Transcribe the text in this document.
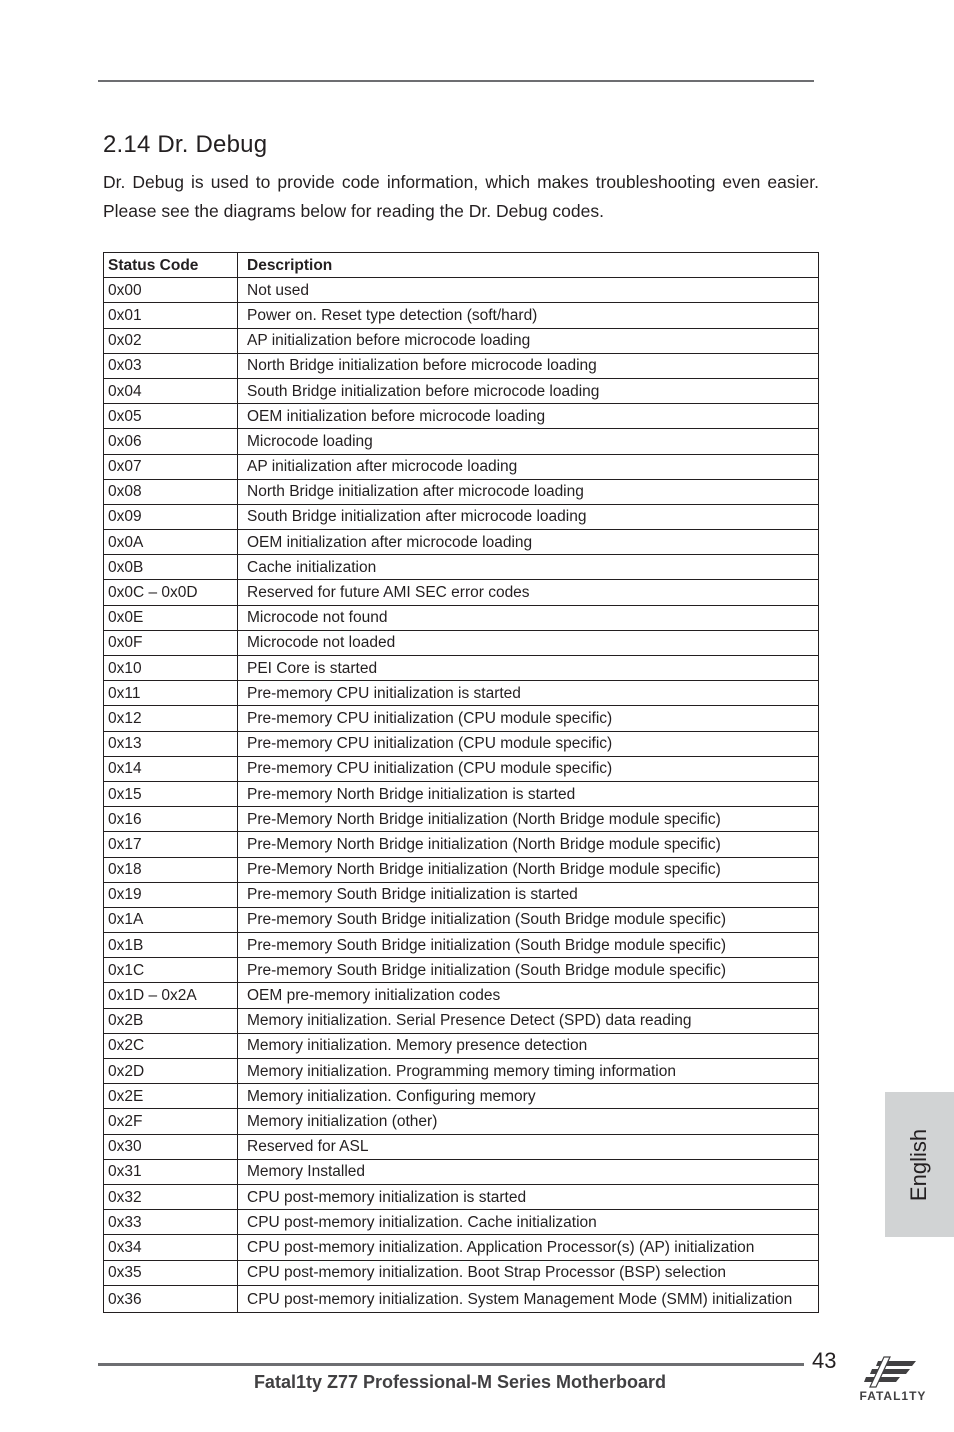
2.14 Dr. Debug

Dr. Debug is used to provide code information, which makes troubleshooting even easier. Please see the diagrams below for reading the Dr. Debug codes.

Status Code	Description
0x00	Not used
0x01	Power on. Reset type detection (soft/hard)
0x02	AP initialization before microcode loading
0x03	North Bridge initialization before microcode loading
0x04	South Bridge initialization before microcode loading
0x05	OEM initialization before microcode loading
0x06	Microcode loading
0x07	AP initialization after microcode loading
0x08	North Bridge initialization after microcode loading
0x09	South Bridge initialization after microcode loading
0x0A	OEM initialization after microcode loading
0x0B	Cache initialization
0x0C – 0x0D	Reserved for future AMI SEC error codes
0x0E	Microcode not found
0x0F	Microcode not loaded
0x10	PEI Core is started
0x11	Pre-memory CPU initialization is started
0x12	Pre-memory CPU initialization (CPU module specific)
0x13	Pre-memory CPU initialization (CPU module specific)
0x14	Pre-memory CPU initialization (CPU module specific)
0x15	Pre-memory North Bridge initialization is started
0x16	Pre-Memory North Bridge initialization (North Bridge module specific)
0x17	Pre-Memory North Bridge initialization (North Bridge module specific)
0x18	Pre-Memory North Bridge initialization (North Bridge module specific)
0x19	Pre-memory South Bridge initialization is started
0x1A	Pre-memory South Bridge initialization (South Bridge module specific)
0x1B	Pre-memory South Bridge initialization (South Bridge module specific)
0x1C	Pre-memory South Bridge initialization (South Bridge module specific)
0x1D – 0x2A	OEM pre-memory initialization codes
0x2B	Memory initialization. Serial Presence Detect (SPD) data reading
0x2C	Memory initialization. Memory presence detection
0x2D	Memory initialization. Programming memory timing information
0x2E	Memory initialization. Configuring memory
0x2F	Memory initialization (other)
0x30	Reserved for ASL
0x31	Memory Installed
0x32	CPU post-memory initialization is started
0x33	CPU post-memory initialization. Cache initialization
0x34	CPU post-memory initialization. Application Processor(s) (AP) initialization
0x35	CPU post-memory initialization. Boot Strap Processor (BSP) selection
0x36	CPU post-memory initialization. System Management Mode (SMM) initialization
English
43
Fatal1ty Z77 Professional-M Series Motherboard
FATAL1TY
